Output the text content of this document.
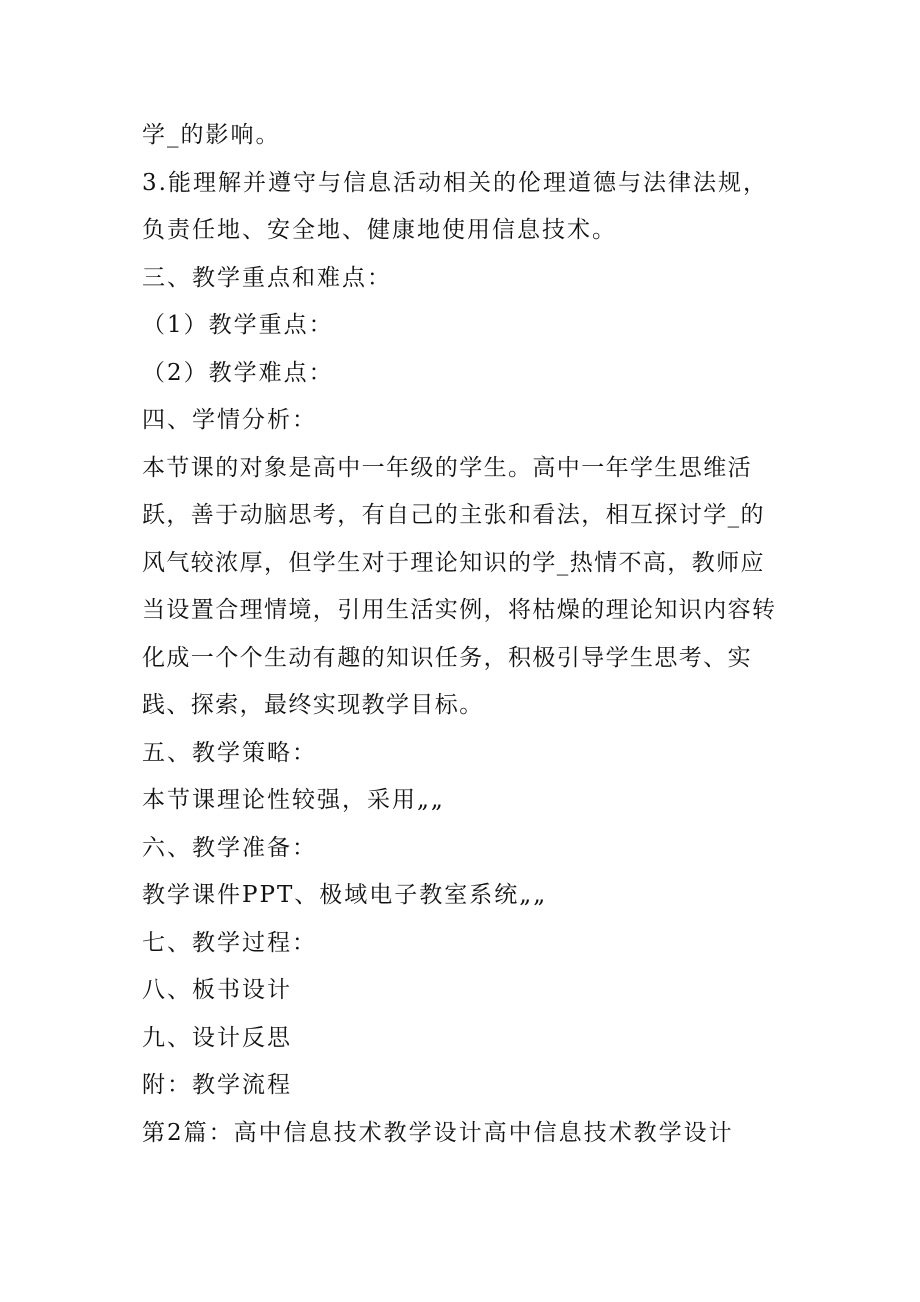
学_的影响。

3.能理解并遵守与信息活动相关的伦理道德与法律法规，负责任地、安全地、健康地使用信息技术。

三、教学重点和难点：

（1）教学重点：

（2）教学难点：

四、学情分析：

本节课的对象是高中一年级的学生。高中一年学生思维活跃，善于动脑思考，有自己的主张和看法，相互探讨学_的风气较浓厚，但学生对于理论知识的学_热情不高，教师应当设置合理情境，引用生活实例，将枯燥的理论知识内容转化成一个个生动有趣的知识任务，积极引导学生思考、实践、探索，最终实现教学目标。

五、教学策略：

本节课理论性较强，采用„„

六、教学准备：

教学课件PPT、极域电子教室系统„„

七、教学过程：

八、板书设计

九、设计反思

附：教学流程

第2篇：高中信息技术教学设计高中信息技术教学设计
